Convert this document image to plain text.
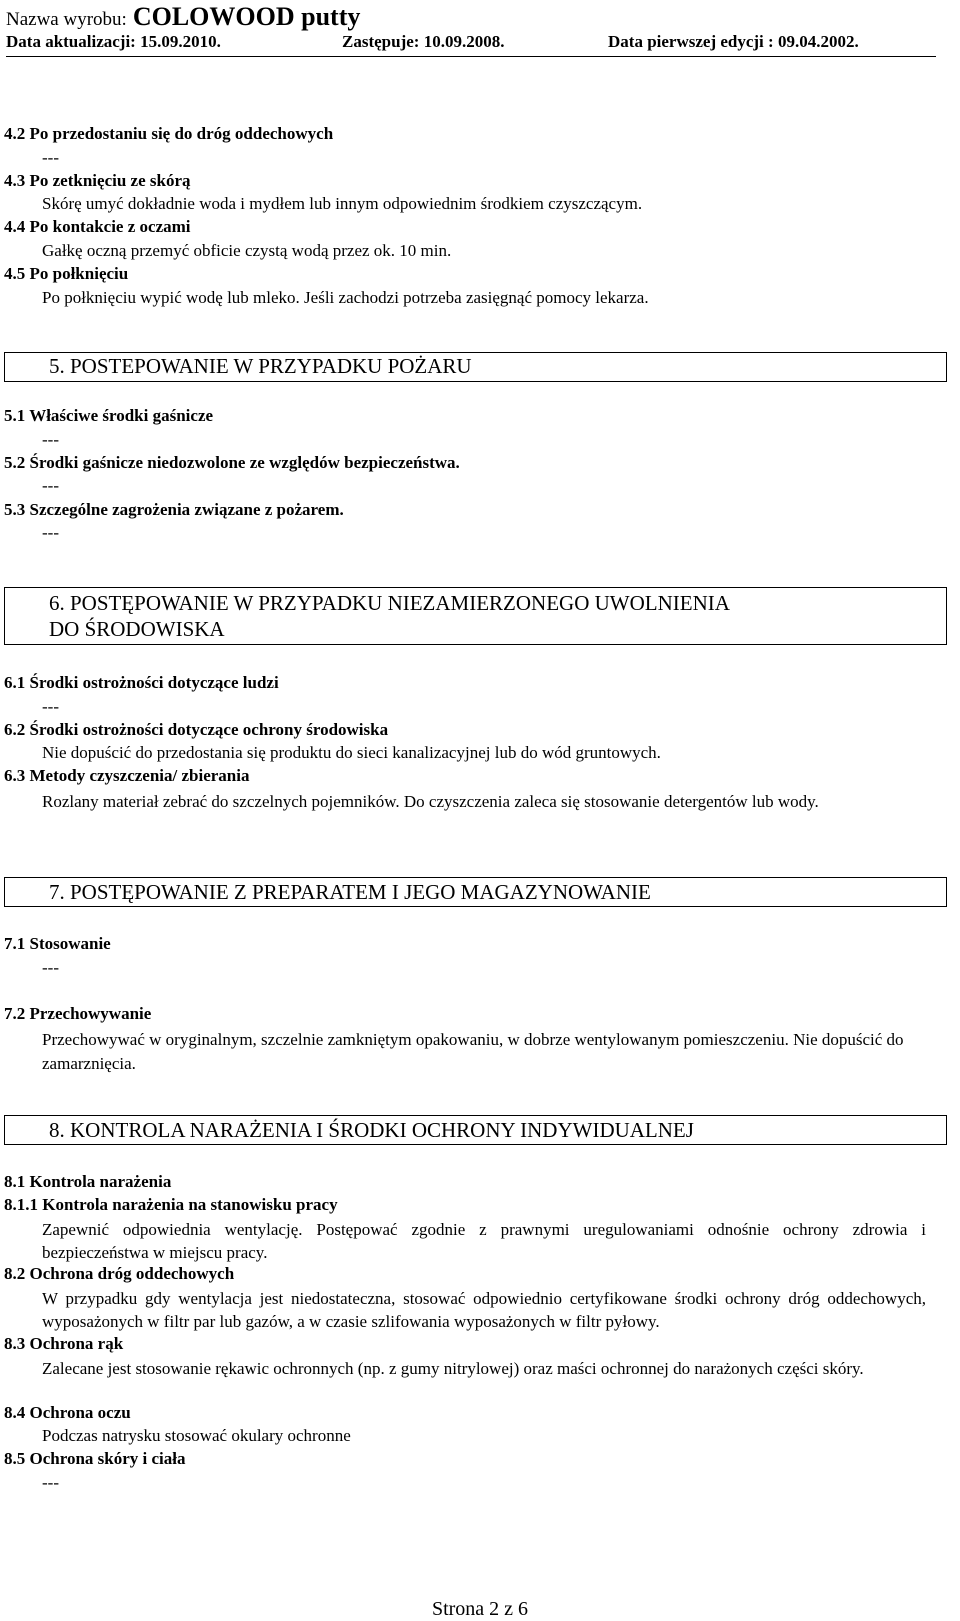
Nazwa wyrobu: COLOWOOD putty
Data aktualizacji: 15.09.2010.	Zastępuje: 10.09.2008.	Data pierwszej edycji : 09.04.2002.
4.2 Po przedostaniu się do dróg oddechowych
---
4.3 Po zetknięciu ze skórą
Skórę umyć dokładnie woda i mydłem lub innym odpowiednim środkiem czyszczącym.
4.4 Po kontakcie z oczami
Gałkę oczną przemyć obficie czystą wodą przez ok. 10 min.
4.5 Po połknięciu
Po połknięciu wypić wodę lub mleko. Jeśli zachodzi potrzeba zasięgnąć pomocy lekarza.
5. POSTEPOWANIE W PRZYPADKU POŻARU
5.1 Właściwe środki gaśnicze
---
5.2 Środki gaśnicze niedozwolone ze względów bezpieczeństwa.
---
5.3 Szczególne zagrożenia związane z pożarem.
---
6. POSTĘPOWANIE W PRZYPADKU NIEZAMIERZONEGO UWOLNIENIA
DO ŚRODOWISKA
6.1 Środki ostrożności dotyczące ludzi
---
6.2 Środki ostrożności dotyczące ochrony środowiska
Nie dopuścić do przedostania się produktu do sieci kanalizacyjnej lub do wód gruntowych.
6.3 Metody czyszczenia/ zbierania
Rozlany materiał zebrać do szczelnych pojemników. Do czyszczenia zaleca się stosowanie detergentów lub wody.
7. POSTĘPOWANIE Z PREPARATEM I JEGO MAGAZYNOWANIE
7.1 Stosowanie
---
7.2 Przechowywanie
Przechowywać w oryginalnym, szczelnie zamkniętym opakowaniu, w dobrze wentylowanym pomieszczeniu. Nie dopuścić do zamarznięcia.
8. KONTROLA NARAŻENIA I ŚRODKI OCHRONY INDYWIDUALNEJ
8.1 Kontrola narażenia
8.1.1 Kontrola narażenia na stanowisku pracy
Zapewnić odpowiednia wentylację. Postępować zgodnie z prawnymi uregulowaniami odnośnie ochrony zdrowia i bezpieczeństwa w miejscu pracy.
8.2 Ochrona dróg oddechowych
W przypadku gdy wentylacja jest niedostateczna, stosować odpowiednio certyfikowane środki ochrony dróg oddechowych, wyposażonych w filtr par lub gazów, a w czasie szlifowania wyposażonych w filtr pyłowy.
8.3 Ochrona rąk
Zalecane jest stosowanie rękawic ochronnych (np. z gumy nitrylowej) oraz maści ochronnej do narażonych części skóry.
8.4 Ochrona oczu
Podczas natrysku stosować okulary ochronne
8.5 Ochrona skóry i ciała
---
Strona 2 z 6
